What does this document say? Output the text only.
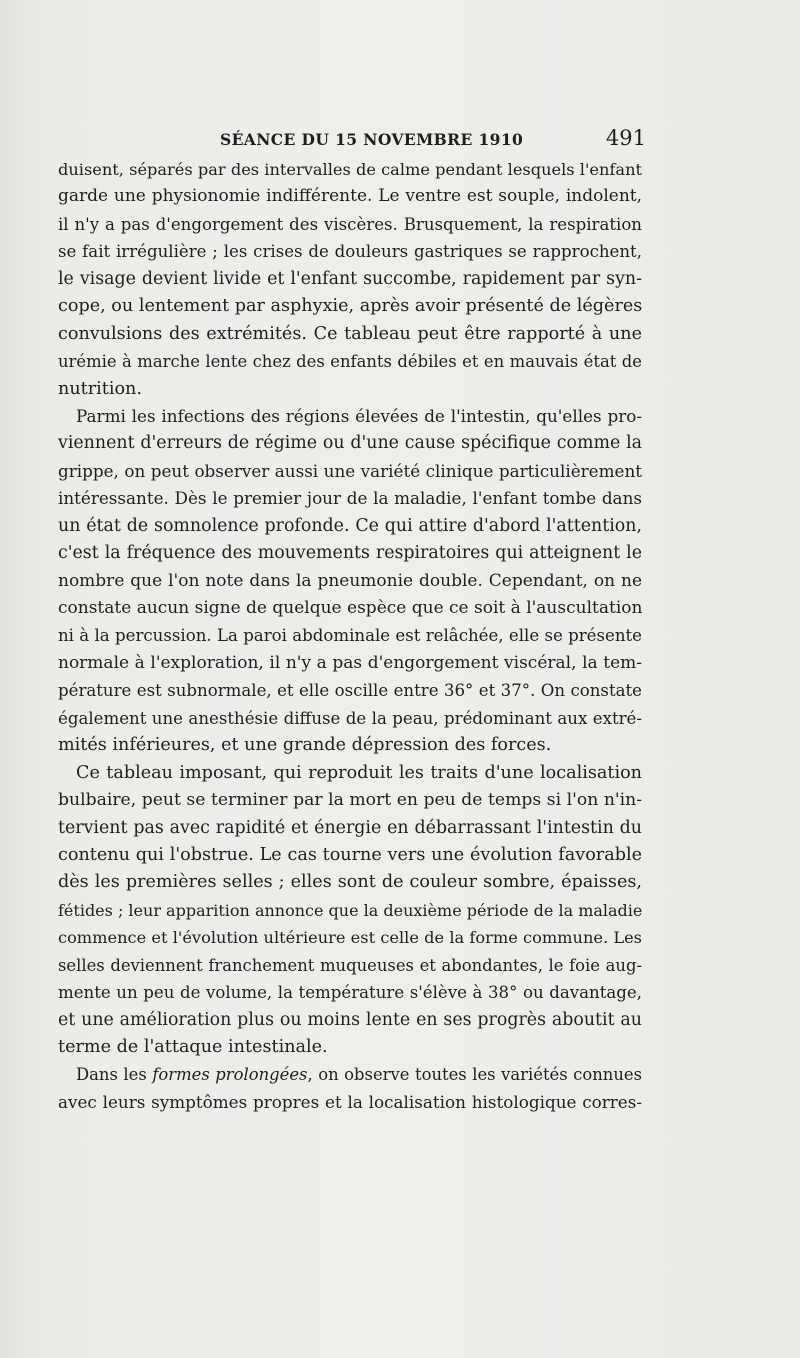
SÉANCE DU 15 NOVEMBRE 1910	491
duisent, séparés par des intervalles de calme pendant lesquels l'enfant
garde une physionomie indifférente. Le ventre est souple, indolent,
il n'y a pas d'engorgement des viscères. Brusquement, la respiration
se fait irrégulière ; les crises de douleurs gastriques se rapprochent,
le visage devient livide et l'enfant succombe, rapidement par syn-
cope, ou lentement par asphyxie, après avoir présenté de légères
convulsions des extrémités. Ce tableau peut être rapporté à une
urémie à marche lente chez des enfants débiles et en mauvais état de
nutrition.
Parmi les infections des régions élevées de l'intestin, qu'elles pro-
viennent d'erreurs de régime ou d'une cause spécifique comme la
grippe, on peut observer aussi une variété clinique particulièrement
intéressante. Dès le premier jour de la maladie, l'enfant tombe dans
un état de somnolence profonde. Ce qui attire d'abord l'attention,
c'est la fréquence des mouvements respiratoires qui atteignent le
nombre que l'on note dans la pneumonie double. Cependant, on ne
constate aucun signe de quelque espèce que ce soit à l'auscultation
ni à la percussion. La paroi abdominale est relâchée, elle se présente
normale à l'exploration, il n'y a pas d'engorgement viscéral, la tem-
pérature est subnormale, et elle oscille entre 36° et 37°. On constate
également une anesthésie diffuse de la peau, prédominant aux extré-
mités inférieures, et une grande dépression des forces.
Ce tableau imposant, qui reproduit les traits d'une localisation
bulbaire, peut se terminer par la mort en peu de temps si l'on n'in-
tervient pas avec rapidité et énergie en débarrassant l'intestin du
contenu qui l'obstrue. Le cas tourne vers une évolution favorable
dès les premières selles ; elles sont de couleur sombre, épaisses,
fétides ; leur apparition annonce que la deuxième période de la maladie
commence et l'évolution ultérieure est celle de la forme commune. Les
selles deviennent franchement muqueuses et abondantes, le foie aug-
mente un peu de volume, la température s'élève à 38° ou davantage,
et une amélioration plus ou moins lente en ses progrès aboutit au
terme de l'attaque intestinale.
Dans les formes prolongées, on observe toutes les variétés connues
avec leurs symptômes propres et la localisation histologique corres-
